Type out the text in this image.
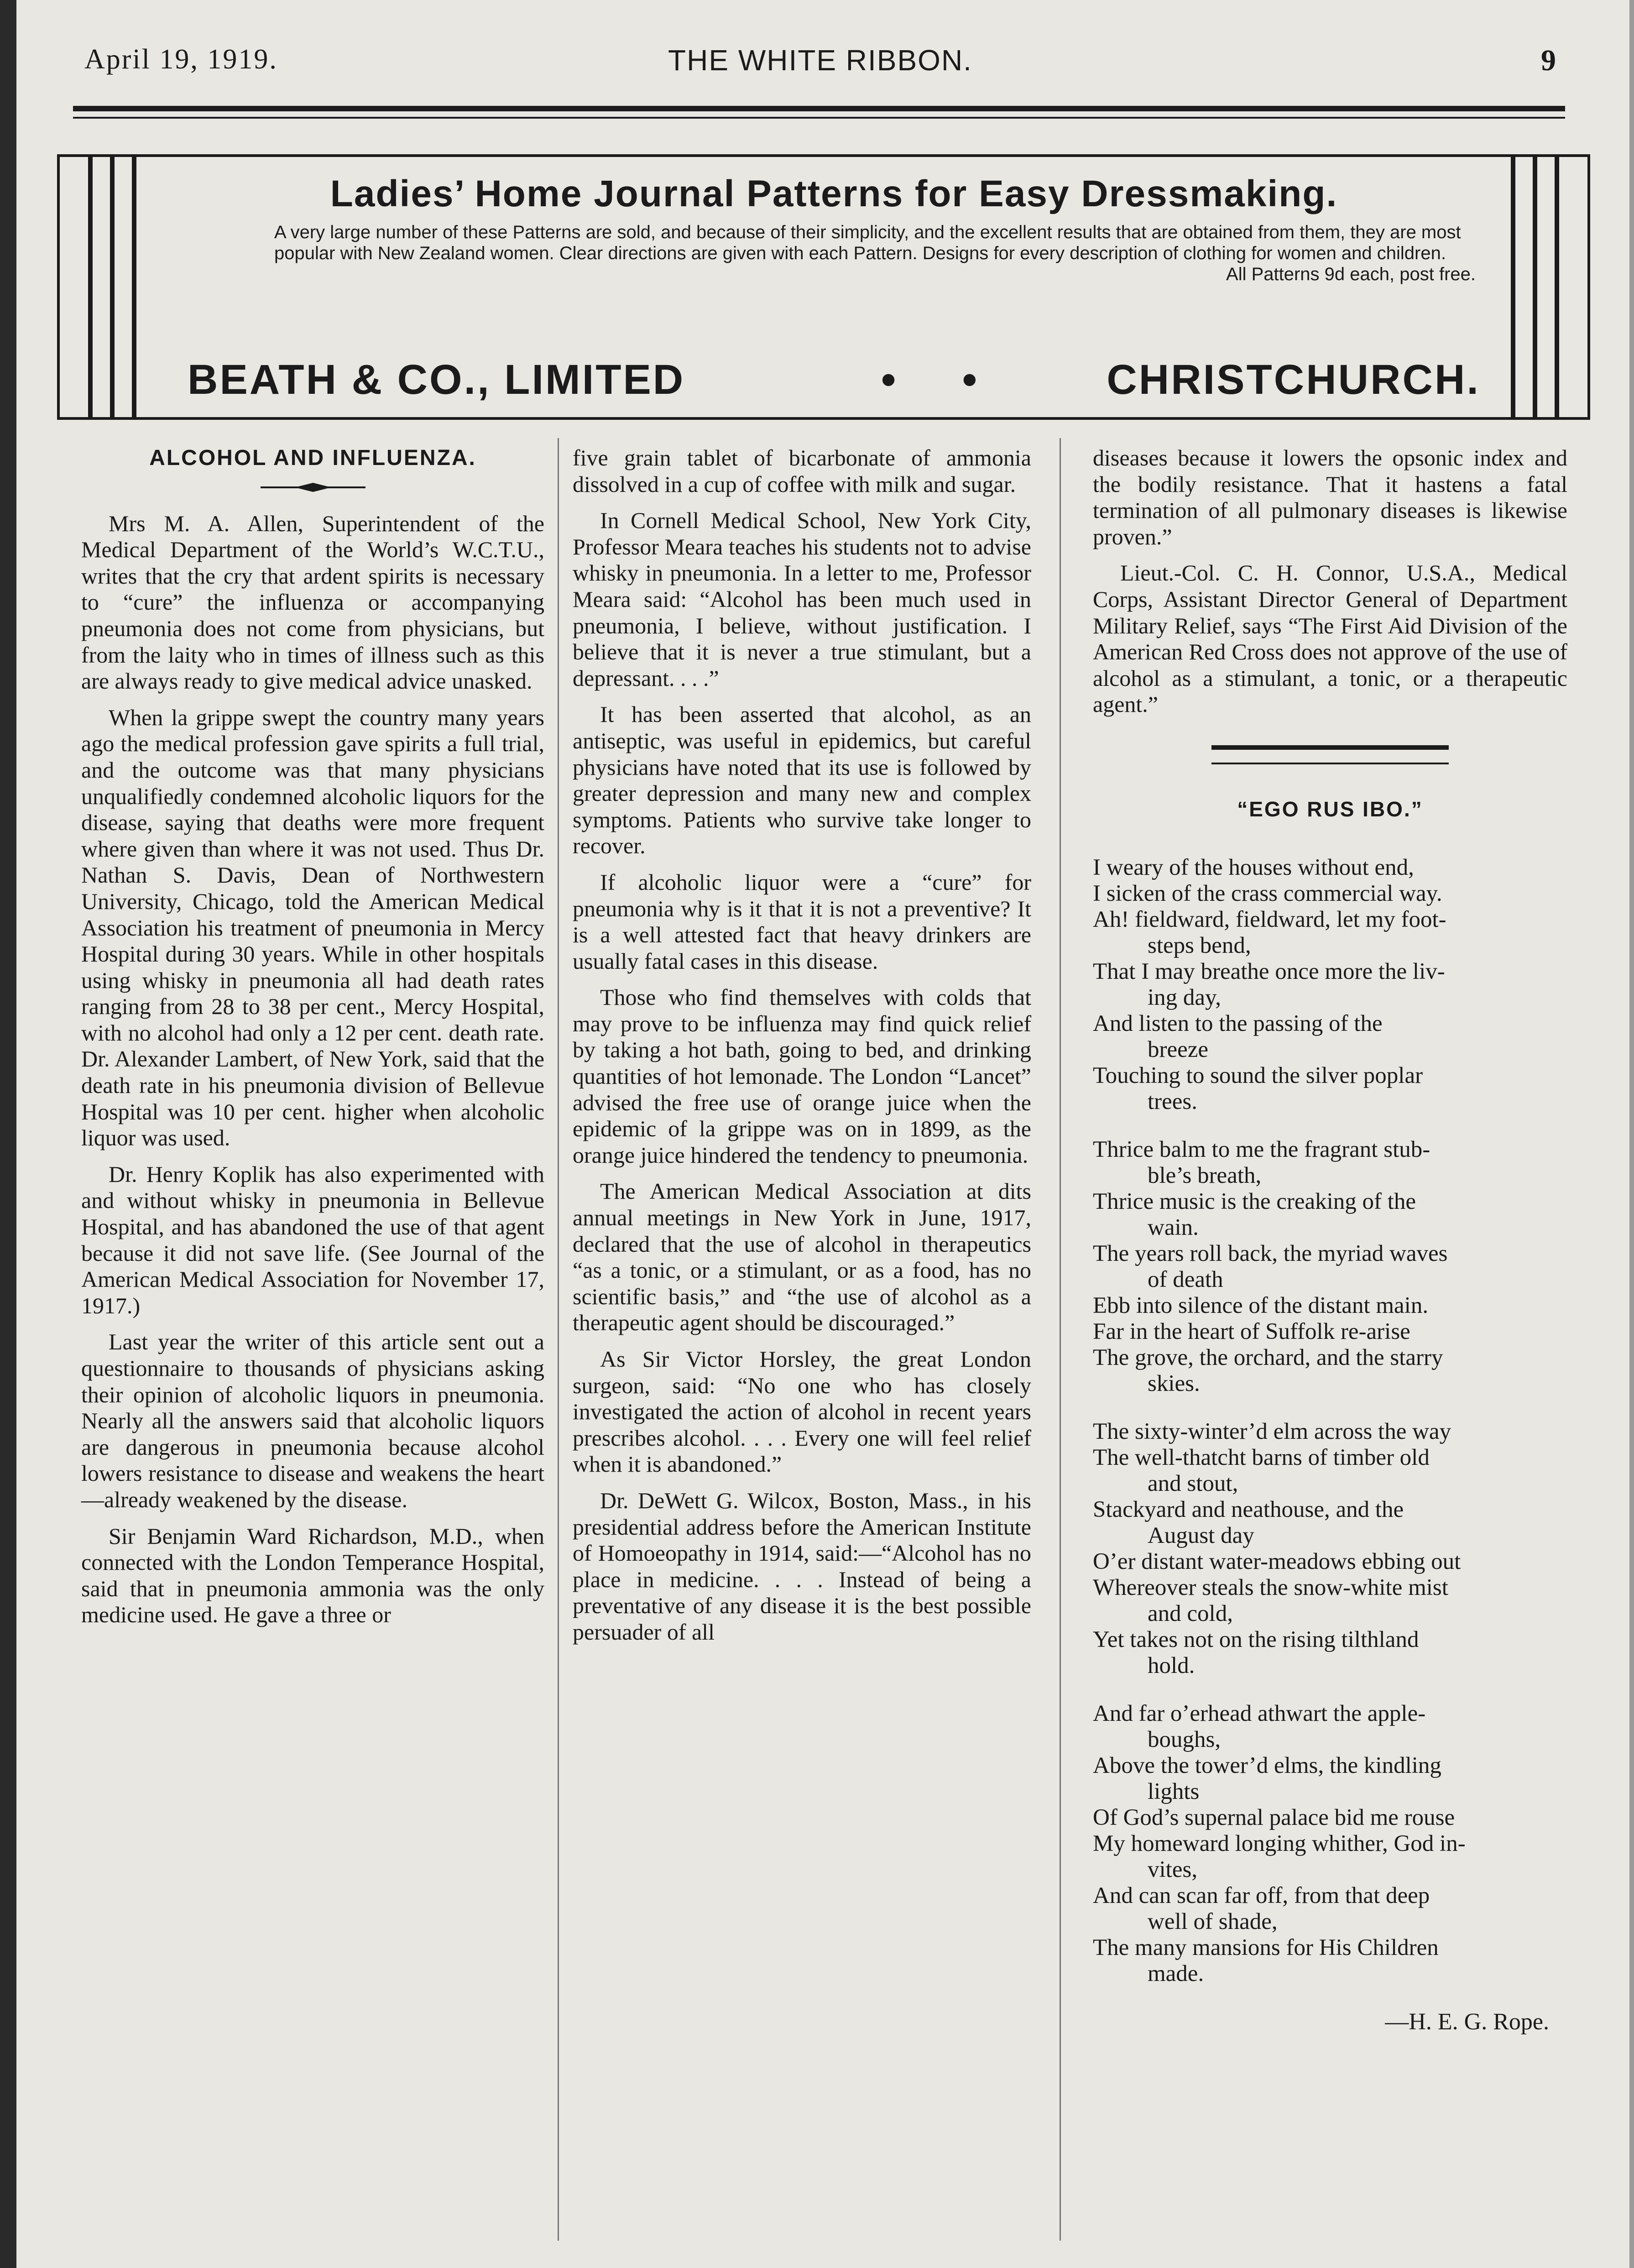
April 19, 1919.	THE WHITE RIBBON.	9
Ladies’ Home Journal Patterns for Easy Dressmaking.
A very large number of these Patterns are sold, and because of their simplicity, and the excellent results that are obtained from them, they are most popular with New Zealand women. Clear directions are given with each Pattern. Designs for every description of clothing for women and children.
All Patterns 9d each, post free.
BEATH & CO., LIMITED	• • CHRISTCHURCH.
ALCOHOL AND INFLUENZA.

Mrs M. A. Allen, Superintendent of the Medical Department of the World’s W.C.T.U., writes that the cry that ardent spirits is necessary to “cure” the influenza or accompanying pneumonia does not come from physicians, but from the laity who in times of illness such as this are always ready to give medical advice unasked.

When la grippe swept the country many years ago the medical profession gave spirits a full trial, and the outcome was that many physicians unqualifiedly condemned alcoholic liquors for the disease, saying that deaths were more frequent where given than where it was not used. Thus Dr. Nathan S. Davis, Dean of Northwestern University, Chicago, told the American Medical Association his treatment of pneumonia in Mercy Hospital during 30 years. While in other hospitals using whisky in pneumonia all had death rates ranging from 28 to 38 per cent., Mercy Hospital, with no alcohol had only a 12 per cent. death rate. Dr. Alexander Lambert, of New York, said that the death rate in his pneumonia division of Bellevue Hospital was 10 per cent. higher when alcoholic liquor was used.

Dr. Henry Koplik has also experimented with and without whisky in pneumonia in Bellevue Hospital, and has abandoned the use of that agent because it did not save life. (See Journal of the American Medical Association for November 17, 1917.)

Last year the writer of this article sent out a questionnaire to thousands of physicians asking their opinion of alcoholic liquors in pneumonia. Nearly all the answers said that alcoholic liquors are dangerous in pneumonia because alcohol lowers resistance to disease and weakens the heart—already weakened by the disease.

Sir Benjamin Ward Richardson, M.D., when connected with the London Temperance Hospital, said that in pneumonia ammonia was the only medicine used. He gave a three or

five grain tablet of bicarbonate of ammonia dissolved in a cup of coffee with milk and sugar.

In Cornell Medical School, New York City, Professor Meara teaches his students not to advise whisky in pneumonia. In a letter to me, Professor Meara said: “Alcohol has been much used in pneumonia, I believe, without justification. I believe that it is never a true stimulant, but a depressant. . . .”

It has been asserted that alcohol, as an antiseptic, was useful in epidemics, but careful physicians have noted that its use is followed by greater depression and many new and complex symptoms. Patients who survive take longer to recover.

If alcoholic liquor were a “cure” for pneumonia why is it that it is not a preventive? It is a well attested fact that heavy drinkers are usually fatal cases in this disease.

Those who find themselves with colds that may prove to be influenza may find quick relief by taking a hot bath, going to bed, and drinking quantities of hot lemonade. The London “Lancet” advised the free use of orange juice when the epidemic of la grippe was on in 1899, as the orange juice hindered the tendency to pneumonia.

The American Medical Association at dits annual meetings in New York in June, 1917, declared that the use of alcohol in therapeutics “as a tonic, or a stimulant, or as a food, has no scientific basis,” and “the use of alcohol as a therapeutic agent should be discouraged.”

As Sir Victor Horsley, the great London surgeon, said: “No one who has closely investigated the action of alcohol in recent years prescribes alcohol. . . . Every one will feel relief when it is abandoned.”

Dr. DeWett G. Wilcox, Boston, Mass., in his presidential address before the American Institute of Homoeopathy in 1914, said:—“Alcohol has no place in medicine. . . . Instead of being a preventative of any disease it is the best possible persuader of all

diseases because it lowers the opsonic index and the bodily resistance. That it hastens a fatal termination of all pulmonary diseases is likewise proven.”

Lieut.-Col. C. H. Connor, U.S.A., Medical Corps, Assistant Director General of Department Military Relief, says “The First Aid Division of the American Red Cross does not approve of the use of alcohol as a stimulant, a tonic, or a therapeutic agent.”

“EGO RUS IBO.”
I weary of the houses without end,
I sicken of the crass commercial way.
Ah! fieldward, fieldward, let my foot-
steps bend,
That I may breathe once more the liv-
ing day,
And listen to the passing of the
breeze
Touching to sound the silver poplar
trees.
Thrice balm to me the fragrant stub-
ble’s breath,
Thrice music is the creaking of the
wain.
The years roll back, the myriad waves
of death
Ebb into silence of the distant main.
Far in the heart of Suffolk re-arise
The grove, the orchard, and the starry
skies.
The sixty-winter’d elm across the way
The well-thatcht barns of timber old
and stout,
Stackyard and neathouse, and the
August day
O’er distant water-meadows ebbing out
Whereover steals the snow-white mist
and cold,
Yet takes not on the rising tilthland
hold.
And far o’erhead athwart the apple-
boughs,
Above the tower’d elms, the kindling
lights
Of God’s supernal palace bid me rouse
My homeward longing whither, God in-
vites,
And can scan far off, from that deep
well of shade,
The many mansions for His Children
made.
—H. E. G. Rope.
